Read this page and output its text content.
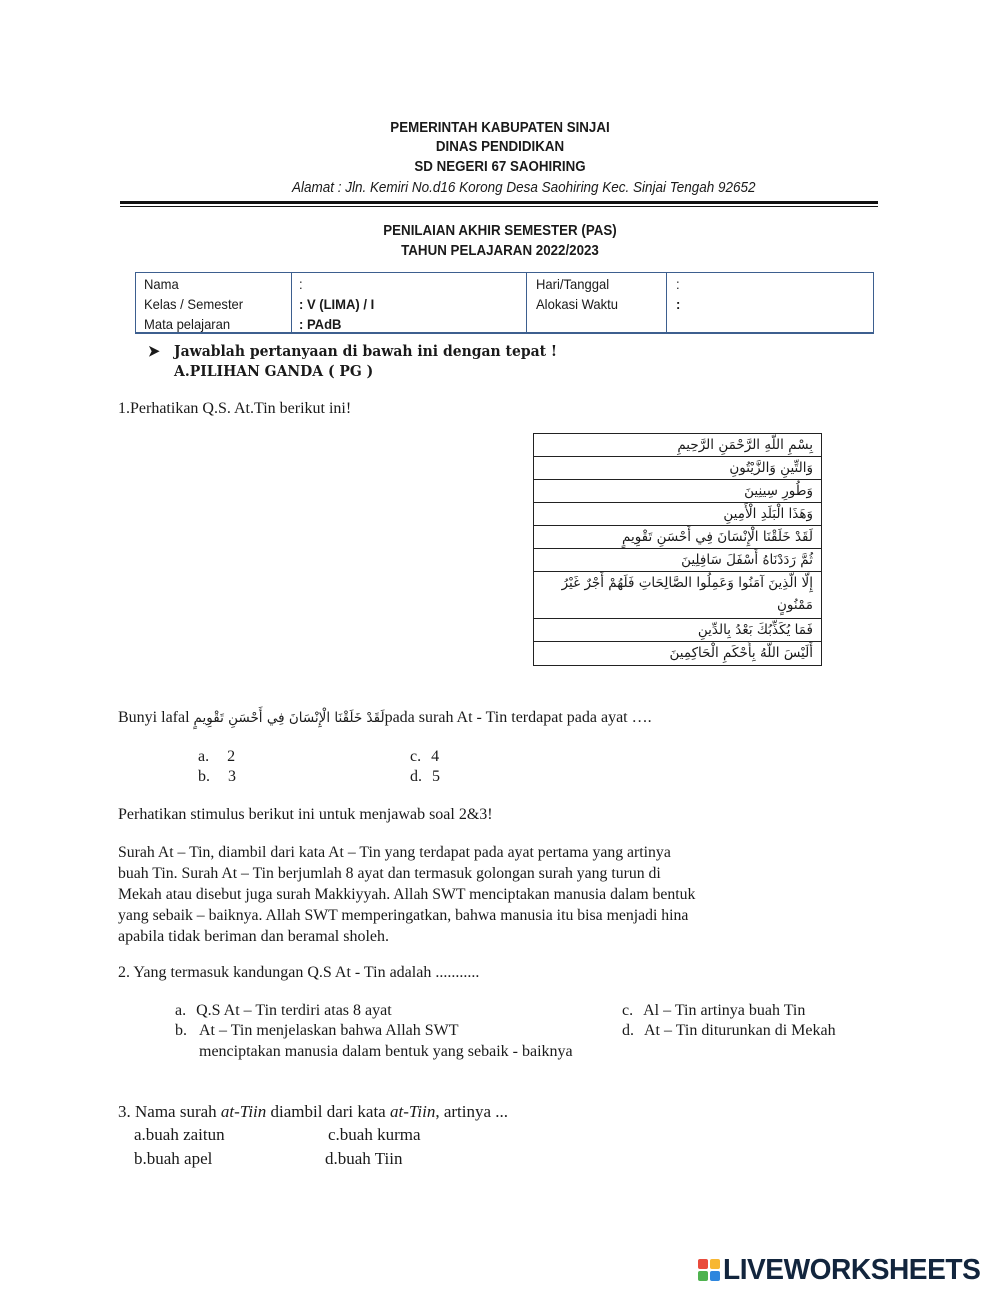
PEMERINTAH KABUPATEN SINJAI
DINAS PENDIDIKAN
SD NEGERI 67 SAOHIRING
Alamat : Jln. Kemiri No.d16 Korong Desa Saohiring Kec. Sinjai Tengah 92652
PENILAIAN AKHIR SEMESTER (PAS)
TAHUN PELAJARAN 2022/2023
Nama
Kelas / Semester
Mata pelajaran
:
: V (LIMA) / I
: PAdB
Hari/Tanggal
Alokasi Waktu
:
:
➤ Jawablah pertanyaan di bawah ini dengan tepat !
A.PILIHAN GANDA ( PG )
1.Perhatikan Q.S. At.Tin berikut ini!
بِسْمِ اللَّهِ الرَّحْمَنِ الرَّحِيمِ
وَالتِّينِ وَالزَّيْتُونِ
وَطُورِ سِينِينَ
وَهَذَا الْبَلَدِ الْأَمِينِ
لَقَدْ خَلَقْنَا الْإِنْسَانَ فِي أَحْسَنِ تَقْوِيمٍ
ثُمَّ رَدَدْنَاهُ أَسْفَلَ سَافِلِينَ
إِلَّا الَّذِينَ آمَنُوا وَعَمِلُوا الصَّالِحَاتِ فَلَهُمْ أَجْرٌ غَيْرُ مَمْنُونٍ
فَمَا يُكَذِّبُكَ بَعْدُ بِالدِّينِ
أَلَيْسَ اللَّهُ بِأَحْكَمِ الْحَاكِمِينَ
Bunyi lafal لَقَدْ خَلَقْنَا الْإِنْسَانَ فِي أَحْسَنِ تَقْوِيمٍpada surah At - Tin terdapat pada ayat ….
a. 2
b. 3
c. 4
d. 5
Perhatikan stimulus berikut ini untuk menjawab soal 2&3!
Surah At – Tin, diambil dari kata At – Tin yang terdapat pada ayat pertama yang artinya
buah Tin. Surah At – Tin berjumlah 8 ayat dan termasuk golongan surah yang turun di
Mekah atau disebut juga surah Makkiyyah. Allah SWT menciptakan manusia dalam bentuk
yang sebaik – baiknya. Allah SWT memperingatkan, bahwa manusia itu bisa menjadi hina
apabila tidak beriman dan beramal sholeh.
2. Yang termasuk kandungan Q.S At - Tin adalah ...........
a. Q.S At – Tin terdiri atas 8 ayat
b. At – Tin menjelaskan bahwa Allah SWT
menciptakan manusia dalam bentuk yang sebaik - baiknya
c. Al – Tin artinya buah Tin
d. At – Tin diturunkan di Mekah
3. Nama surah at-Tiin diambil dari kata at-Tiin, artinya ...
a.buah zaitun
b.buah apel
c.buah kurma
d.buah Tiin
LIVEWORKSHEETS
